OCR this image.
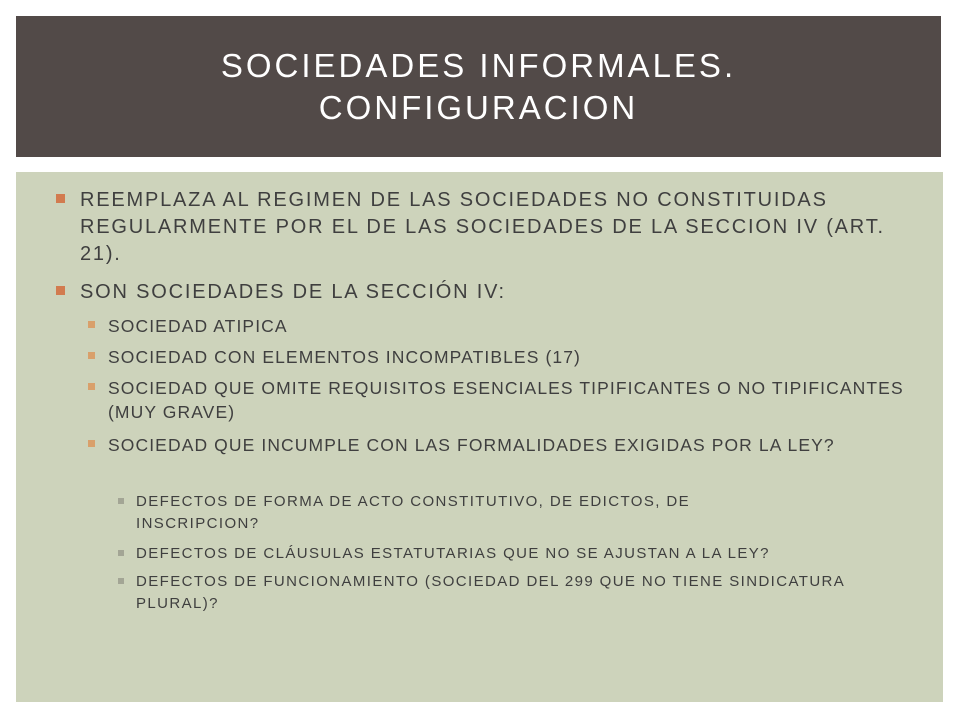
SOCIEDADES INFORMALES.
CONFIGURACION
REEMPLAZA AL REGIMEN DE LAS SOCIEDADES NO CONSTITUIDAS REGULARMENTE POR EL DE LAS SOCIEDADES DE LA SECCION IV (ART. 21).
SON SOCIEDADES DE LA SECCIÓN IV:
SOCIEDAD ATIPICA
SOCIEDAD CON ELEMENTOS INCOMPATIBLES (17)
SOCIEDAD QUE OMITE REQUISITOS ESENCIALES TIPIFICANTES O NO TIPIFICANTES (MUY GRAVE)
SOCIEDAD QUE INCUMPLE CON LAS FORMALIDADES EXIGIDAS POR LA LEY?
DEFECTOS DE FORMA DE ACTO CONSTITUTIVO, DE EDICTOS, DE INSCRIPCION?
DEFECTOS DE CLÁUSULAS ESTATUTARIAS QUE NO SE AJUSTAN A LA LEY?
DEFECTOS DE FUNCIONAMIENTO (SOCIEDAD DEL 299 QUE NO TIENE SINDICATURA PLURAL)?
